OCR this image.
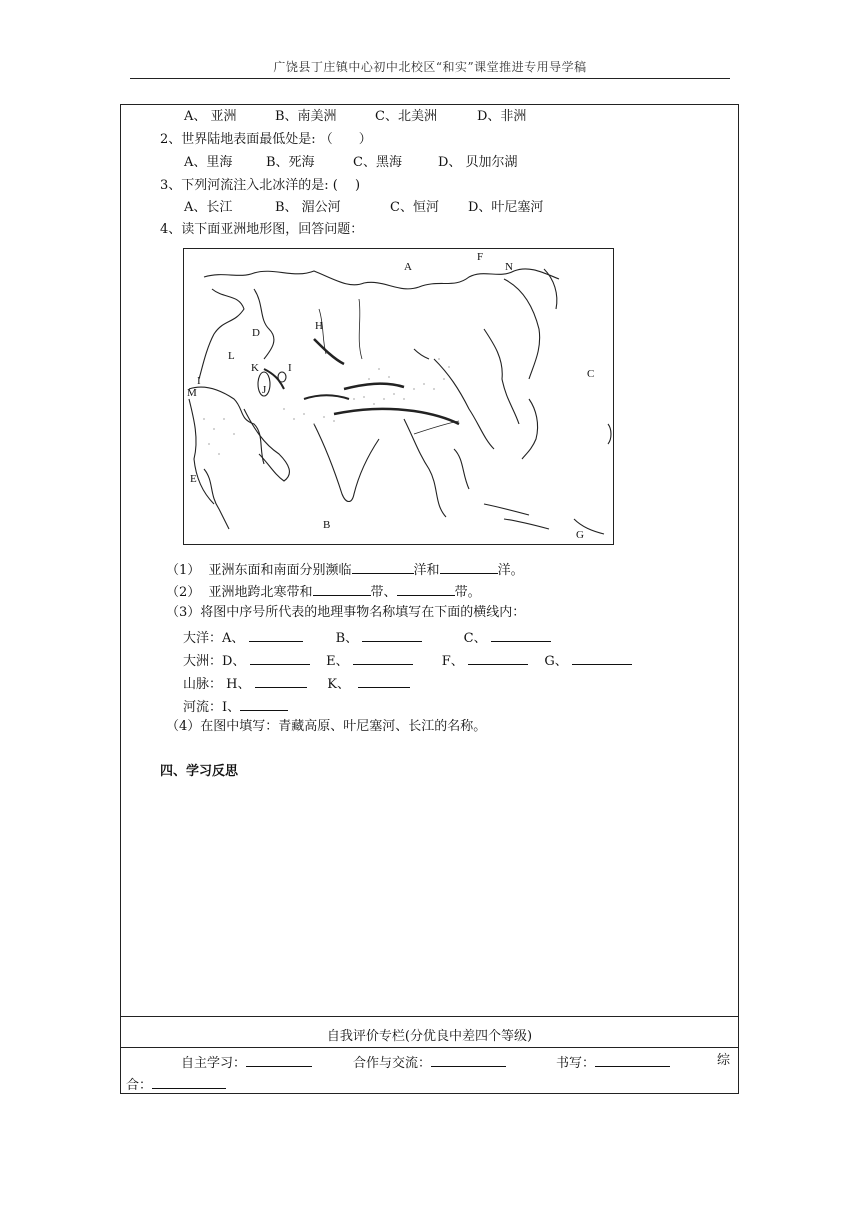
广饶县丁庄镇中心初中北校区“和实”课堂推进专用导学稿
A、 亚洲	B、南美洲	C、北美洲	D、非洲
2、世界陆地表面最低处是: （　　）
A、里海	B、死海	C、黑海	D、 贝加尔湖
3、下列河流注入北冰洋的是: (　 )
A、长江	B、 湄公河	C、恒河 D、叶尼塞河
4、读下面亚洲地形图，回答问题：
A
F
N
H
D
L
K	I
I
J
M
C
E
B
G
（1）  亚洲东面和南面分别濒临	洋和	洋。
（2）  亚洲地跨北寒带和	带、	带。
（3）将图中序号所代表的地理事物名称填写在下面的横线内：
大洋：A、	B、	C、
大洲：D、	E、	F、	G、
山脉： H、	K、
河流：I、
（4）在图中填写：青藏高原、叶尼塞河、长江的名称。
四、学习反思
自我评价专栏(分优良中差四个等级)
自主学习：	合作与交流：	书写：	综
合：
